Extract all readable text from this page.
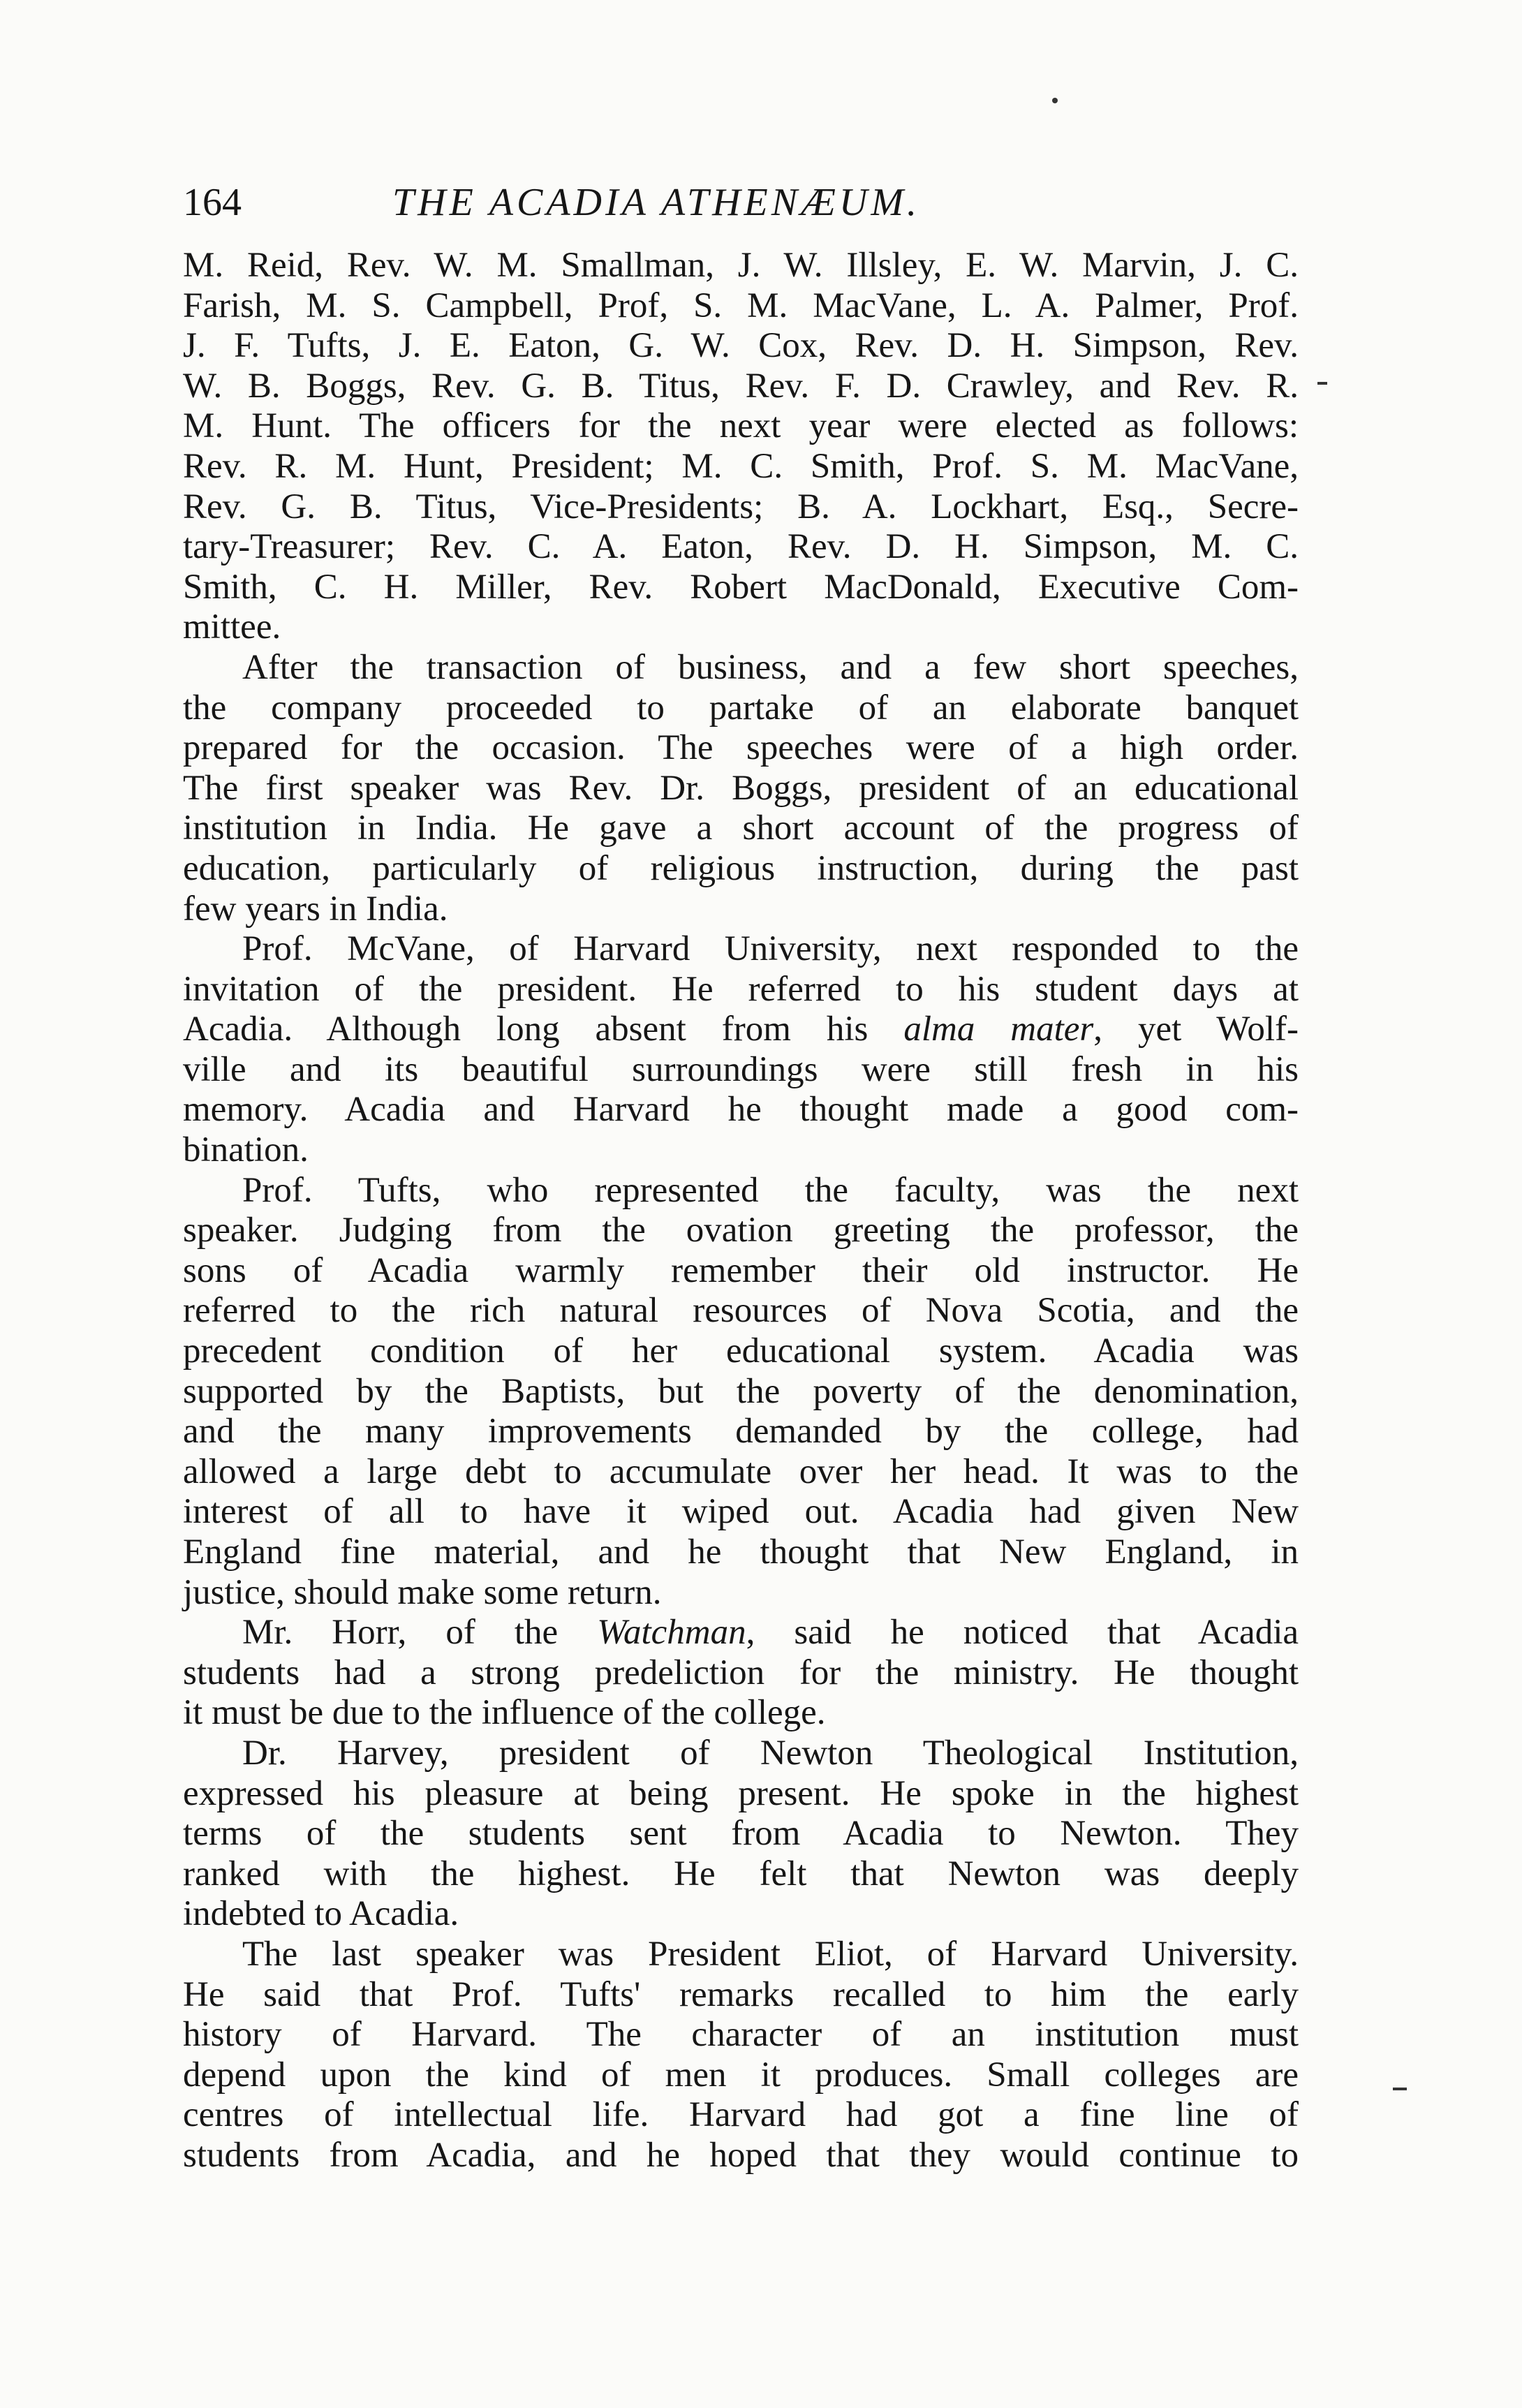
164	THE ACADIA ATHENÆUM.
M. Reid, Rev. W. M. Smallman, J. W. Illsley, E. W. Marvin, J. C.
Farish, M. S. Campbell, Prof, S. M. MacVane, L. A. Palmer, Prof.
J. F. Tufts, J. E. Eaton, G. W. Cox, Rev. D. H. Simpson, Rev.
W. B. Boggs, Rev. G. B. Titus, Rev. F. D. Crawley, and Rev. R.
M. Hunt. The officers for the next year were elected as follows:
Rev. R. M. Hunt, President; M. C. Smith, Prof. S. M. MacVane,
Rev. G. B. Titus, Vice-Presidents; B. A. Lockhart, Esq., Secre-
tary-Treasurer; Rev. C. A. Eaton, Rev. D. H. Simpson, M. C.
Smith, C. H. Miller, Rev. Robert MacDonald, Executive Com-
mittee.
After the transaction of business, and a few short speeches,
the company proceeded to partake of an elaborate banquet
prepared for the occasion. The speeches were of a high order.
The first speaker was Rev. Dr. Boggs, president of an educational
institution in India. He gave a short account of the progress of
education, particularly of religious instruction, during the past
few years in India.
Prof. McVane, of Harvard University, next responded to the
invitation of the president. He referred to his student days at
Acadia. Although long absent from his alma mater, yet Wolf-
ville and its beautiful surroundings were still fresh in his
memory. Acadia and Harvard he thought made a good com-
bination.
Prof. Tufts, who represented the faculty, was the next
speaker. Judging from the ovation greeting the professor, the
sons of Acadia warmly remember their old instructor. He
referred to the rich natural resources of Nova Scotia, and the
precedent condition of her educational system. Acadia was
supported by the Baptists, but the poverty of the denomination,
and the many improvements demanded by the college, had
allowed a large debt to accumulate over her head. It was to the
interest of all to have it wiped out. Acadia had given New
England fine material, and he thought that New England, in
justice, should make some return.
Mr. Horr, of the Watchman, said he noticed that Acadia
students had a strong predeliction for the ministry. He thought
it must be due to the influence of the college.
Dr. Harvey, president of Newton Theological Institution,
expressed his pleasure at being present. He spoke in the highest
terms of the students sent from Acadia to Newton. They
ranked with the highest. He felt that Newton was deeply
indebted to Acadia.
The last speaker was President Eliot, of Harvard University.
He said that Prof. Tufts' remarks recalled to him the early
history of Harvard. The character of an institution must
depend upon the kind of men it produces. Small colleges are
centres of intellectual life. Harvard had got a fine line of
students from Acadia, and he hoped that they would continue to
